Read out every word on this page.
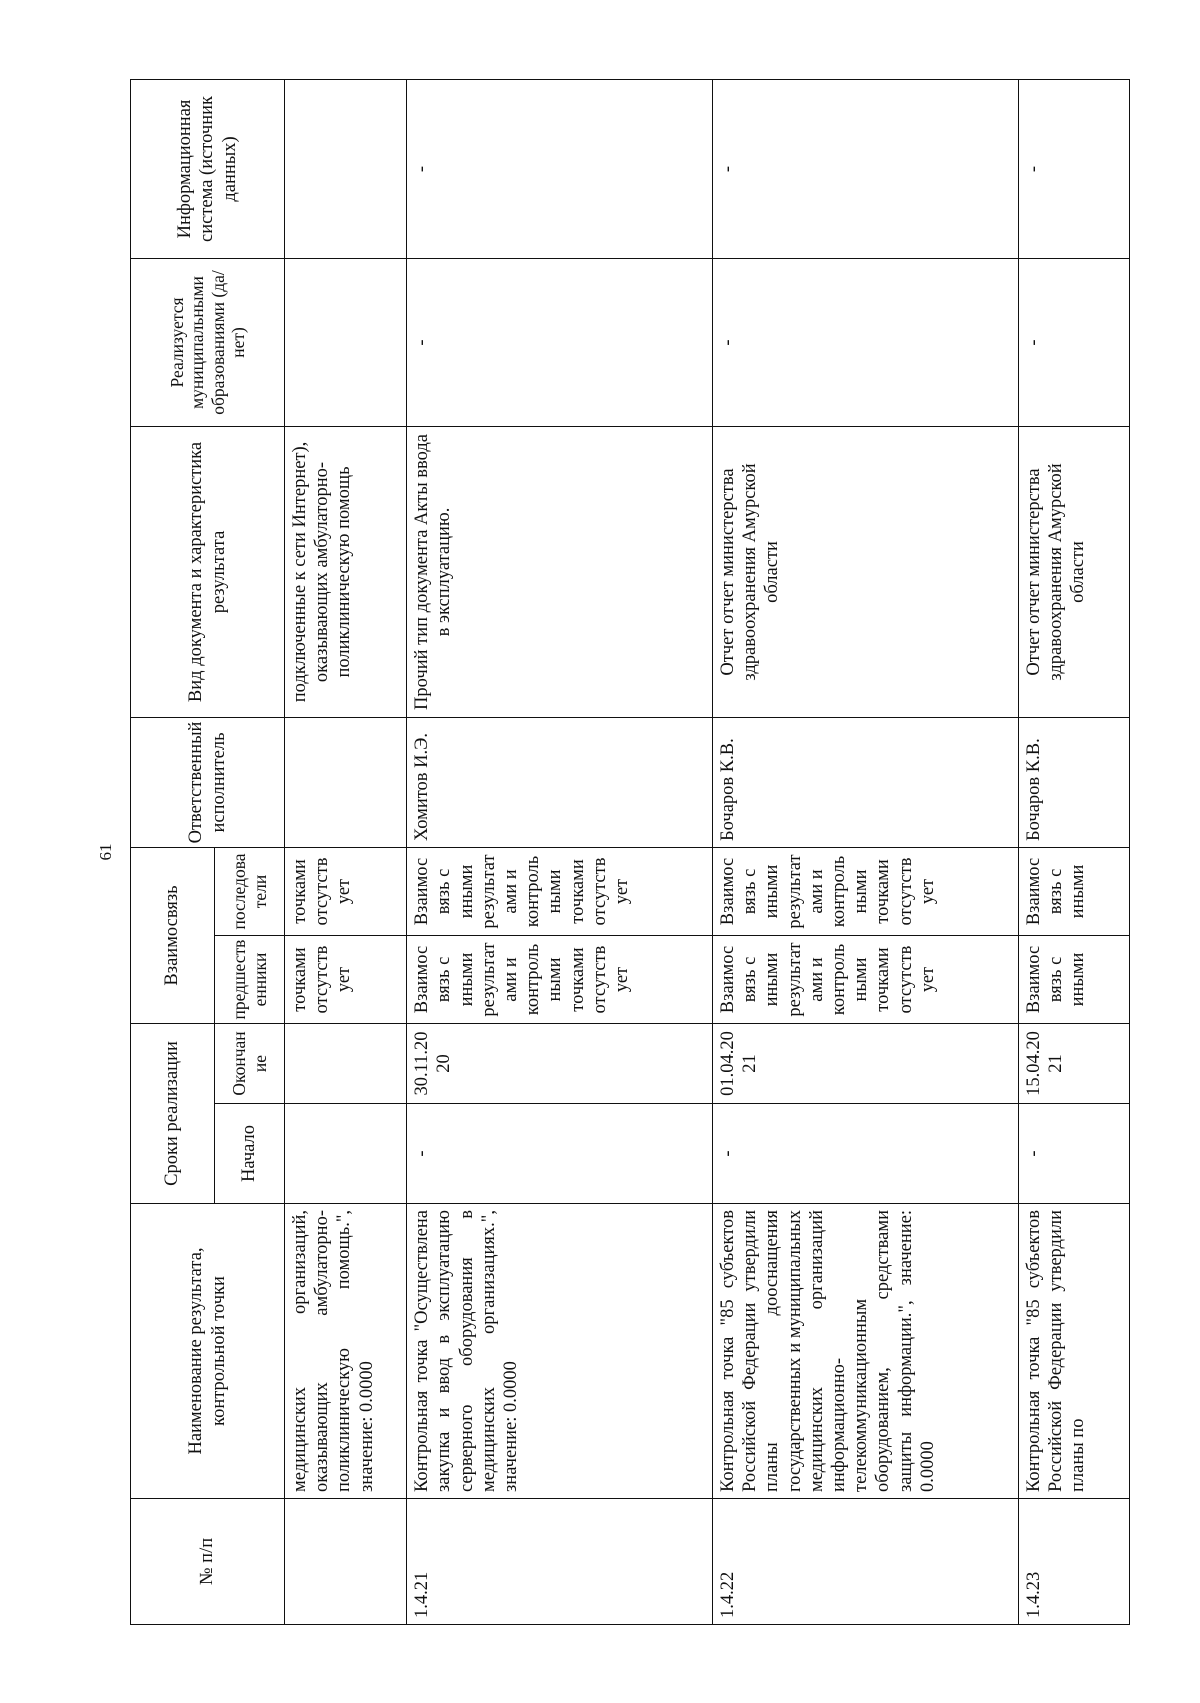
61
№ п/п	Наименование результата, контрольной точки	Сроки реализации		Взаимосвязь		Ответственный исполнитель	Вид документа и характеристика результата	Реализуется муниципальными образованиями (да/нет)	Информационная система (источник данных)
		Начало	Окончание	предшественники	последователи				
	медицинских организаций, оказывающих амбулаторно-поликлиническую помощь.", значение: 0.0000			точками отсутствует	точками отсутствует		подключенные к сети Интернет), оказывающих амбулаторно-поликлиническую помощь		
1.4.21	Контрольная точка "Осуществлена закупка и ввод в эксплуатацию серверного оборудования в медицинских организациях.", значение: 0.0000	-	30.11.2020	Взаимосвязь с иными результатами и контрольными точками отсутствует	Взаимосвязь с иными результатами и контрольными точками отсутствует	Хомитов И.Э.	Прочий тип документа Акты ввода в эксплуатацию.	-	-
1.4.22	Контрольная точка "85 субъектов Российской Федерации утвердили планы дооснащения государственных и муниципальных медицинских организаций информационно-телекоммуникационным оборудованием, средствами защиты информации.", значение: 0.0000	-	01.04.2021	Взаимосвязь с иными результатами и контрольными точками отсутствует	Взаимосвязь с иными результатами и контрольными точками отсутствует	Бочаров К.В.	Отчет отчет министерства здравоохранения Амурской области	-	-
1.4.23	Контрольная точка "85 субъектов Российской Федерации утвердили планы по	-	15.04.2021	Взаимосвязь с иными	Взаимосвязь с иными	Бочаров К.В.	Отчет отчет министерства здравоохранения Амурской области	-	-
